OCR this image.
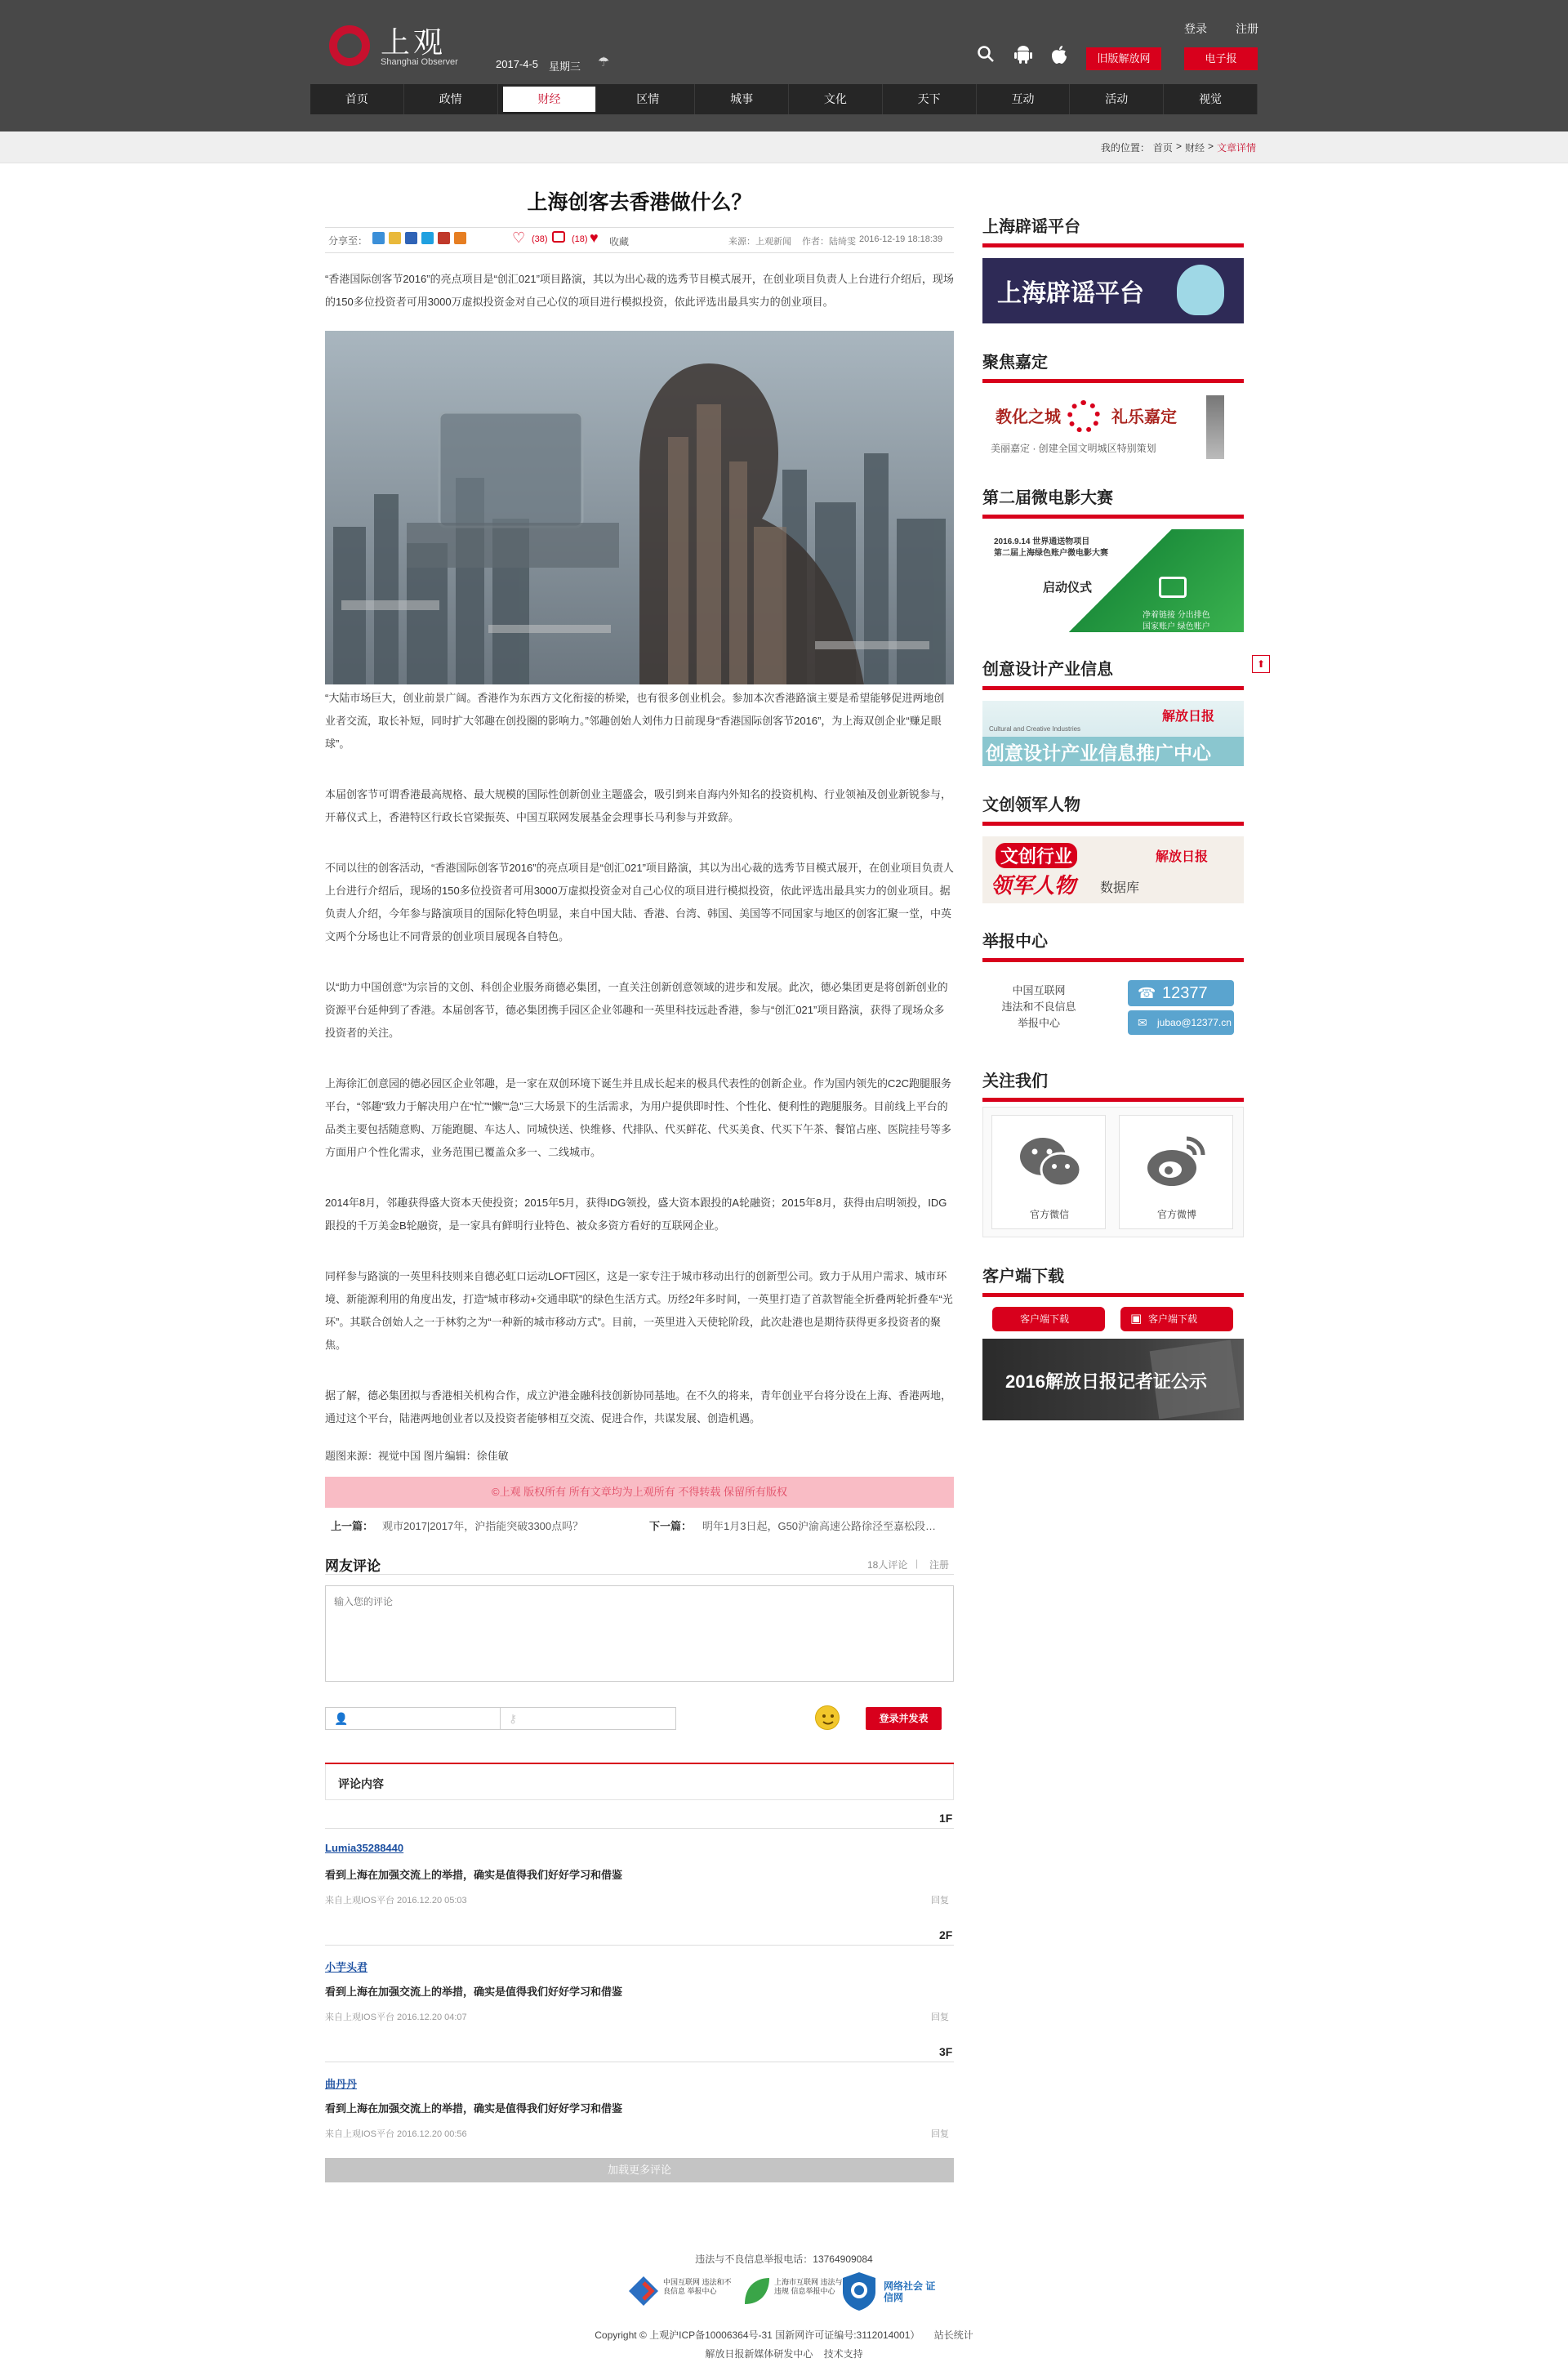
上观
Shanghai Observer	2017-4-5 星期三 ☂
登录	注册
旧版解放网	电子报
首页	政情	财经	区情	城事	文化	天下	互动	活动	视觉
我的位置： 首页 > 财经 > 文章详情
上海创客去香港做什么？
分享至：	♡ (38)	(18) ♥ 收藏	来源：上观新闻 作者：陆绮雯 2016-12-19 18:18:39
“香港国际创客节2016”的亮点项目是“创汇021”项目路演，其以为出心裁的选秀节目模式展开，在创业项目负责人上台进行介绍后，现场的150多位投资者可用3000万虚拟投资金对自己心仪的项目进行模拟投资，依此评选出最具实力的创业项目。
“大陆市场巨大，创业前景广阔。香港作为东西方文化衔接的桥梁，也有很多创业机会。参加本次香港路演主要是希望能够促进两地创业者交流，取长补短，同时扩大邻趣在创投圈的影响力。”邻趣创始人刘伟力日前现身“香港国际创客节2016”，为上海双创企业“赚足眼球”。
本届创客节可谓香港最高规格、最大规模的国际性创新创业主题盛会，吸引到来自海内外知名的投资机构、行业领袖及创业新锐参与，开幕仪式上，香港特区行政长官梁振英、中国互联网发展基金会理事长马利参与并致辞。
不同以往的创客活动，“香港国际创客节2016”的亮点项目是“创汇021”项目路演，其以为出心裁的选秀节目模式展开，在创业项目负责人上台进行介绍后，现场的150多位投资者可用3000万虚拟投资金对自己心仪的项目进行模拟投资，依此评选出最具实力的创业项目。据负责人介绍，今年参与路演项目的国际化特色明显，来自中国大陆、香港、台湾、韩国、美国等不同国家与地区的创客汇聚一堂，中英文两个分场也让不同背景的创业项目展现各自特色。
以“助力中国创意”为宗旨的文创、科创企业服务商德必集团，一直关注创新创意领域的进步和发展。此次，德必集团更是将创新创业的资源平台延伸到了香港。本届创客节，德必集团携手园区企业邻趣和一英里科技远赴香港，参与“创汇021”项目路演，获得了现场众多投资者的关注。
上海徐汇创意园的德必园区企业邻趣，是一家在双创环境下诞生并且成长起来的极具代表性的创新企业。作为国内领先的C2C跑腿服务平台，“邻趣”致力于解决用户在“忙”“懒”“急”三大场景下的生活需求，为用户提供即时性、个性化、便利性的跑腿服务。目前线上平台的品类主要包括随意购、万能跑腿、车达人、同城快送、快维修、代排队、代买鲜花、代买美食、代买下午茶、餐馆占座、医院挂号等多方面用户个性化需求，业务范围已覆盖众多一、二线城市。
2014年8月，邻趣获得盛大资本天使投资；2015年5月，获得IDG领投，盛大资本跟投的A轮融资；2015年8月，获得由启明领投，IDG跟投的千万美金B轮融资，是一家具有鲜明行业特色、被众多资方看好的互联网企业。
同样参与路演的一英里科技则来自德必虹口运动LOFT园区，这是一家专注于城市移动出行的创新型公司。致力于从用户需求、城市环境、新能源利用的角度出发，打造“城市移动+交通串联”的绿色生活方式。历经2年多时间，一英里打造了首款智能全折叠两轮折叠车“光环”。其联合创始人之一于林豹之为“一种新的城市移动方式”。目前，一英里进入天使轮阶段，此次赴港也是期待获得更多投资者的聚焦。
据了解，德必集团拟与香港相关机构合作，成立沪港金融科技创新协同基地。在不久的将来，青年创业平台将分设在上海、香港两地，通过这个平台，陆港两地创业者以及投资者能够相互交流、促进合作，共谋发展、创造机遇。
题图来源：视觉中国 图片编辑：徐佳敏
©上观 版权所有 所有文章均为上观所有 不得转载 保留所有版权
上一篇： 观市2017|2017年，沪指能突破3300点吗？	下一篇： 明年1月3日起，G50沪渝高速公路徐泾至嘉松段…
网友评论	18人评论 | 注册
输入您的评论
👤	⚷	登录并发表
评论内容
1F
Lumia35288440
看到上海在加强交流上的举措，确实是值得我们好好学习和借鉴
来自上观IOS平台 2016.12.20 05:03	回复
2F
小芋头君
看到上海在加强交流上的举措，确实是值得我们好好学习和借鉴
来自上观IOS平台 2016.12.20 04:07	回复
3F
曲丹丹
看到上海在加强交流上的举措，确实是值得我们好好学习和借鉴
来自上观IOS平台 2016.12.20 00:56	回复
加载更多评论
上海辟谣平台
上海辟谣平台
聚焦嘉定
教化之城	礼乐嘉定
美丽嘉定 · 创建全国文明城区特别策划
第二届微电影大赛
2016.9.14 世界通送物项目
第二届上海绿色账户微电影大赛
启动仪式
净着链接 分出排色
国家账户 绿色账户
创意设计产业信息	⬆
Cultural and Creative Industries
解放日报
创意设计产业信息推广中心
文创领军人物
文创行业
领军人物 数据库
解放日报
举报中心
中国互联网
违法和不良信息
举报中心
☎ 12377
✉ jubao@12377.cn
关注我们
官方微信	官方微博
客户端下载
客户端下载	▣ 客户端下载
2016解放日报记者证公示
违法与不良信息举报电话：13764909084
中国互联网 违法和不良信息 举报中心
上海市互联网 违法与违规 信息举报中心	网络社会 证信网
Copyright © 上观沪ICP备10006364号-31 国新网许可证编号:3112014001） 站长统计
解放日报新媒体研发中心 技术支持
